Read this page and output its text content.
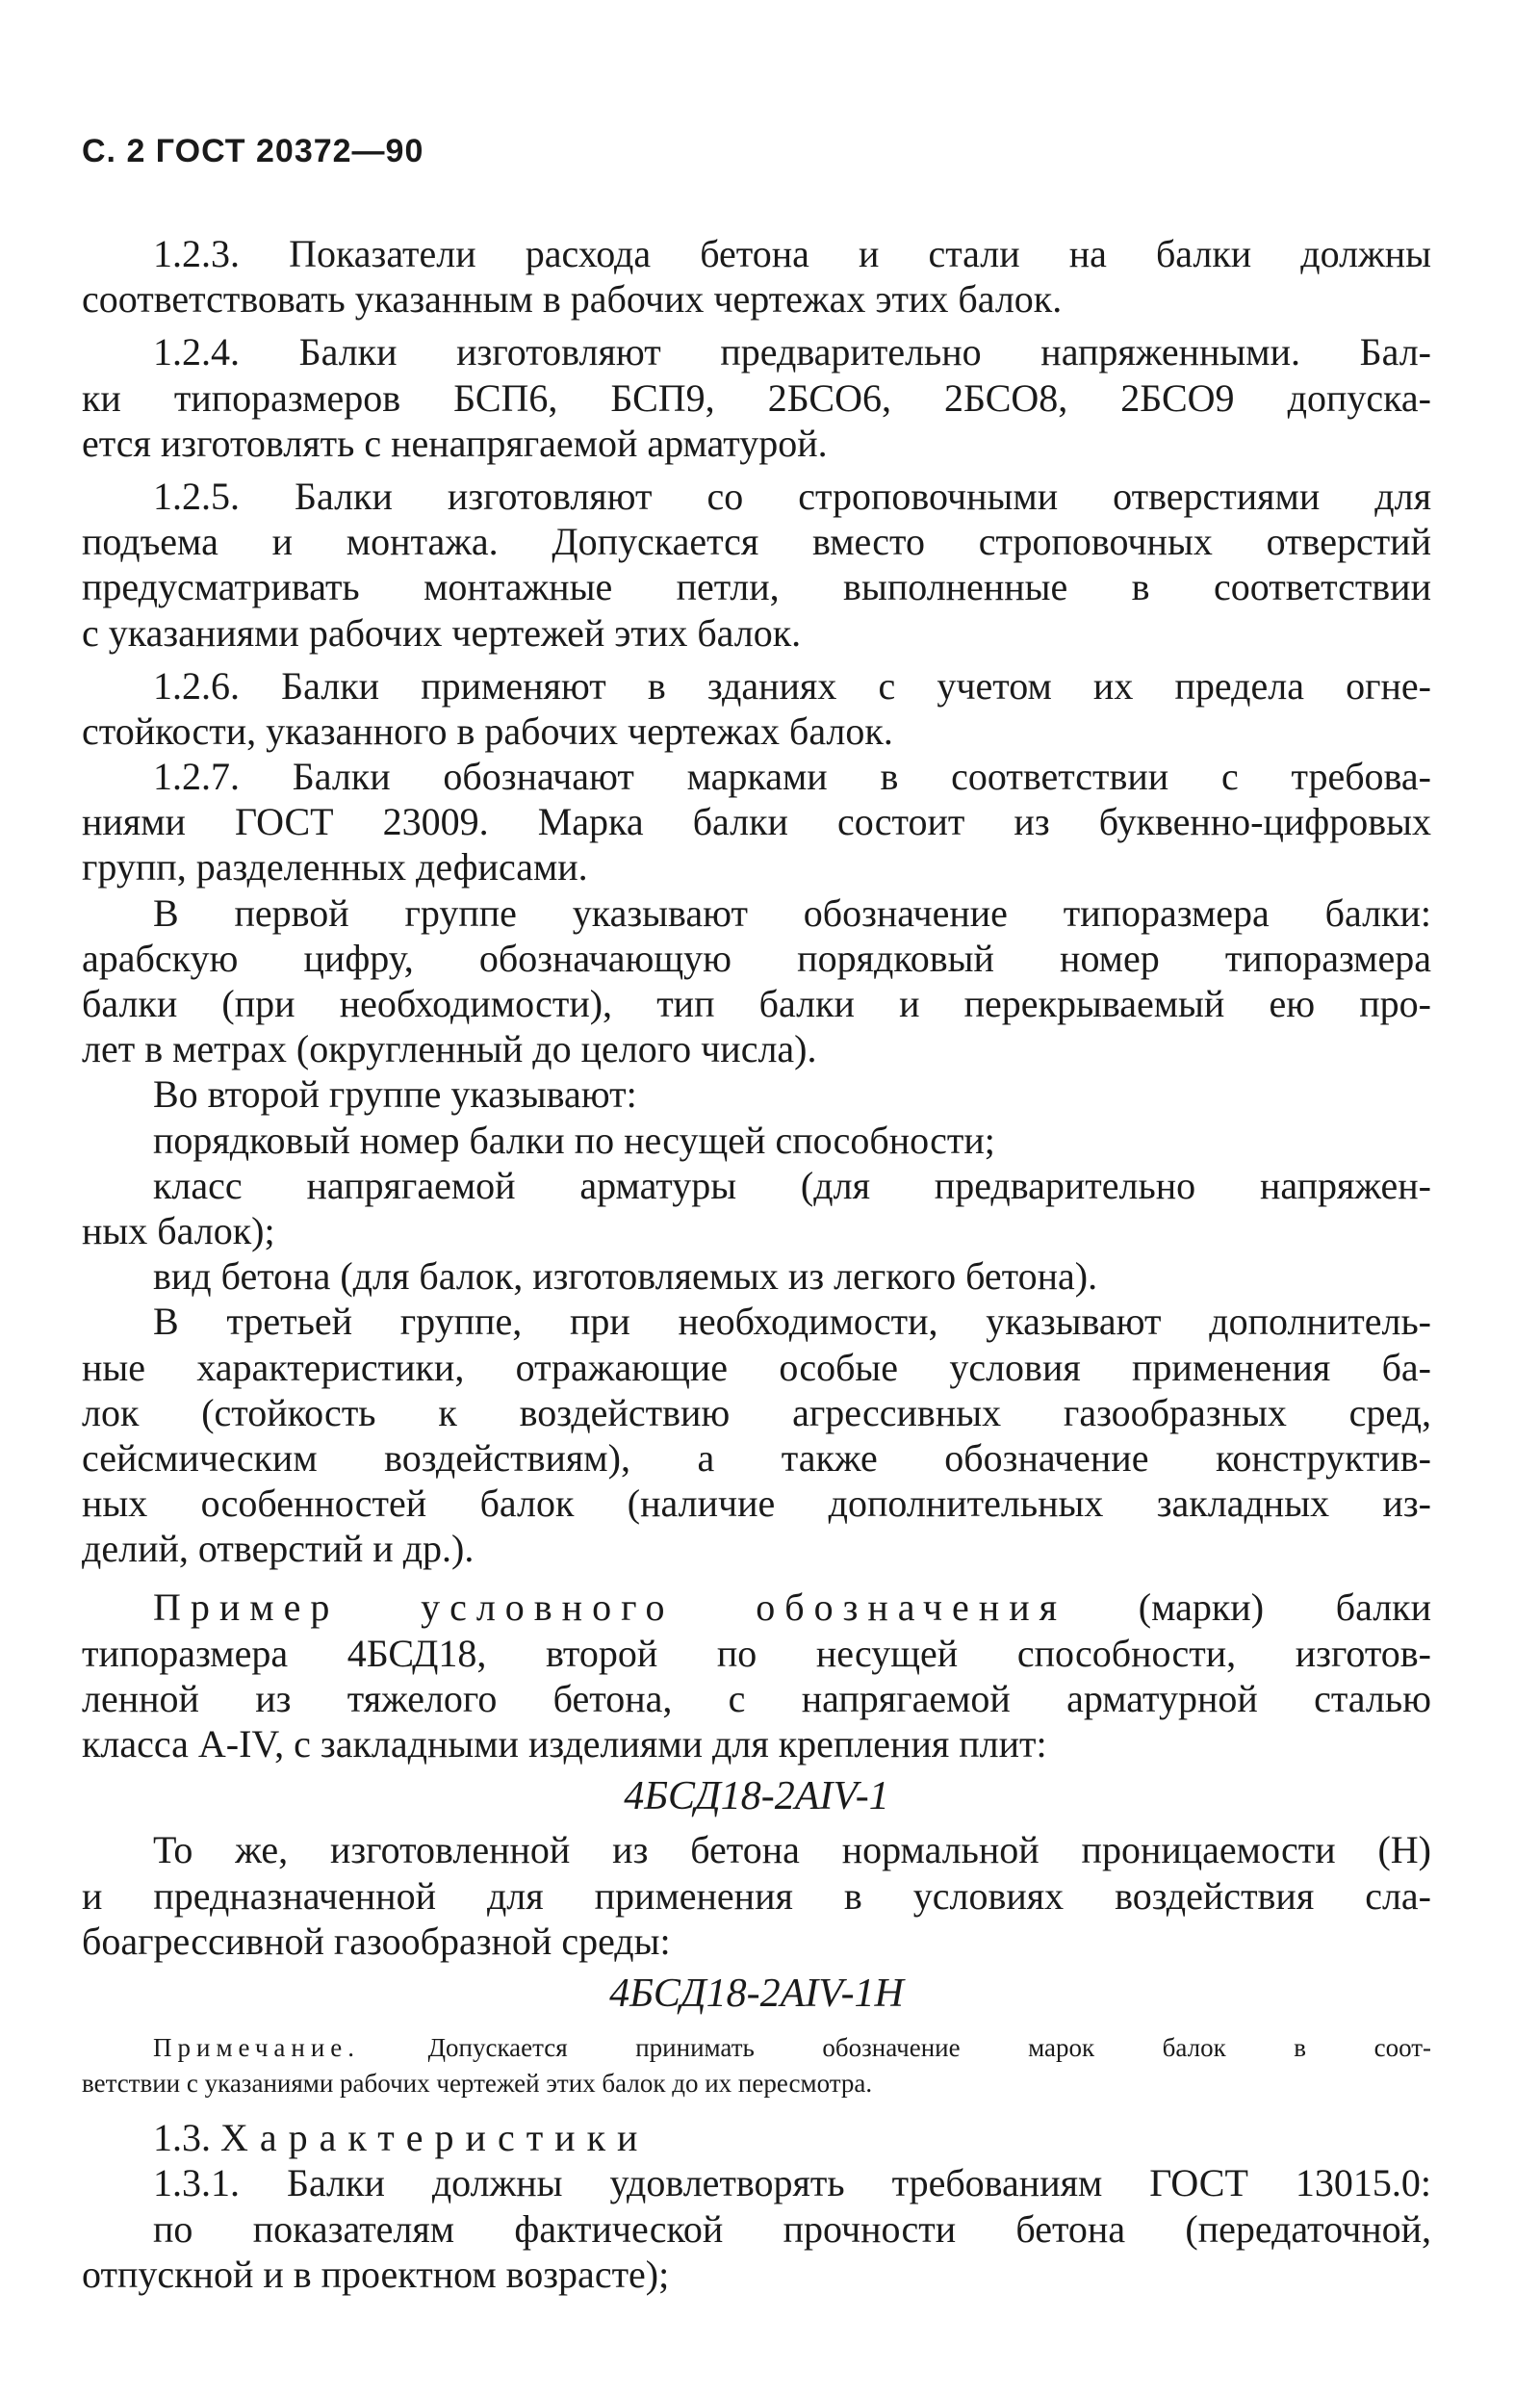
С. 2 ГОСТ 20372—90
1.2.3. Показатели расхода бетона и стали на балки должны
соответствовать указанным в рабочих чертежах этих балок.
1.2.4. Балки изготовляют предварительно напряженными. Бал-
ки типоразмеров БСП6, БСП9, 2БСО6, 2БСО8, 2БСО9 допуска-
ется изготовлять с ненапрягаемой арматурой.
1.2.5. Балки изготовляют со строповочными отверстиями для
подъема и монтажа. Допускается вместо строповочных отверстий
предусматривать монтажные петли, выполненные в соответствии
с указаниями рабочих чертежей этих балок.
1.2.6. Балки применяют в зданиях с учетом их предела огне-
стойкости, указанного в рабочих чертежах балок.
1.2.7. Балки обозначают марками в соответствии с требова-
ниями ГОСТ 23009. Марка балки состоит из буквенно-цифровых
групп, разделенных дефисами.
В первой группе указывают обозначение типоразмера балки:
арабскую цифру, обозначающую порядковый номер типоразмера
балки (при необходимости), тип балки и перекрываемый ею про-
лет в метрах (округленный до целого числа).
Во второй группе указывают:
порядковый номер балки по несущей способности;
класс напрягаемой арматуры (для предварительно напряжен-
ных балок);
вид бетона (для балок, изготовляемых из легкого бетона).
В третьей группе, при необходимости, указывают дополнитель-
ные характеристики, отражающие особые условия применения ба-
лок (стойкость к воздействию агрессивных газообразных сред,
сейсмическим воздействиям), а также обозначение конструктив-
ных особенностей балок (наличие дополнительных закладных из-
делий, отверстий и др.).
Пример условного обозначения (марки) балки
типоразмера 4БСД18, второй по несущей способности, изготов-
ленной из тяжелого бетона, с напрягаемой арматурной сталью
класса A-IV, с закладными изделиями для крепления плит:
4БСД18-2AIV-1
То же, изготовленной из бетона нормальной проницаемости (Н)
и предназначенной для применения в условиях воздействия сла-
боагрессивной газообразной среды:
4БСД18-2AIV-1Н
Примечание.	Допускается принимать обозначение марок балок в соот-
ветствии с указаниями рабочих чертежей этих балок до их пересмотра.
1.3. Характеристики
1.3.1. Балки должны удовлетворять требованиям ГОСТ 13015.0:
по показателям фактической прочности бетона (передаточной,
отпускной и в проектном возрасте);
